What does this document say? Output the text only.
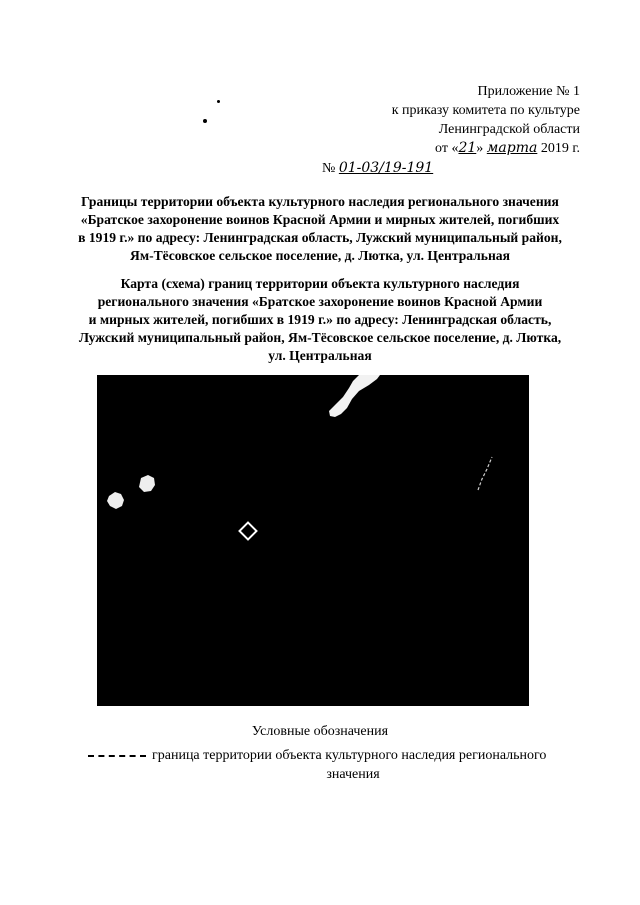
Приложение № 1
к приказу комитета по культуре
Ленинградской области
от «21» марта 2019 г.
№ 01-03/19-191
Границы территории объекта культурного наследия регионального значения
«Братское захоронение воинов Красной Армии и мирных жителей, погибших
в 1919 г.» по адресу: Ленинградская область, Лужский муниципальный район,
Ям-Тёсовское сельское поселение, д. Лютка, ул. Центральная
Карта (схема) границ территории объекта культурного наследия
регионального значения «Братское захоронение воинов Красной Армии
и мирных жителей, погибших в 1919 г.» по адресу: Ленинградская область,
Лужский муниципальный район, Ям-Тёсовское сельское поселение, д. Лютка,
ул. Центральная
Условные обозначения
граница территории объекта культурного наследия регионального
значения
